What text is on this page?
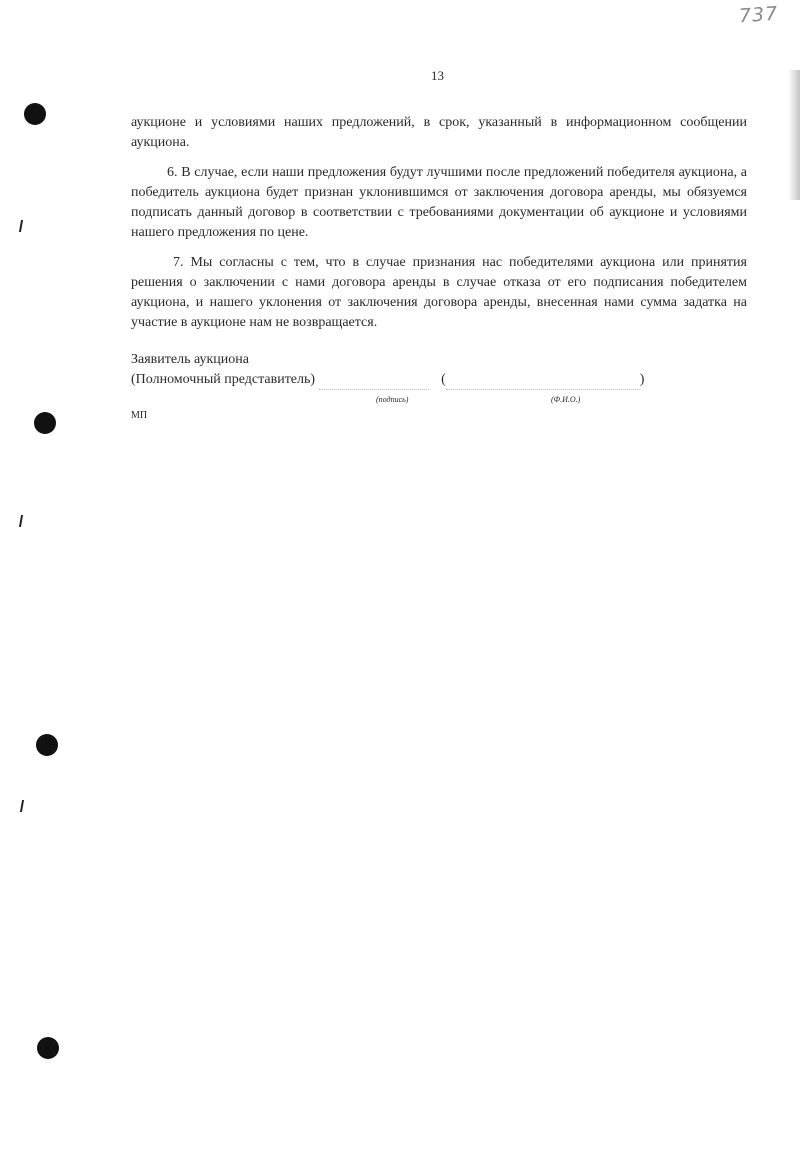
737
13

аукционе и условиями наших предложений, в срок, указанный в информационном сообщении аукциона.

6. В случае, если наши предложения будут лучшими после предложений победителя аукциона, а победитель аукциона будет признан уклонившимся от заключения договора аренды, мы обязуемся подписать данный договор в соответствии с требованиями документации об аукционе и условиями нашего предложения по цене.

7. Мы согласны с тем, что в случае признания нас победителями аукциона или принятия решения о заключении с нами договора аренды в случае отказа от его подписания победителем аукциона, и нашего уклонения от заключения договора аренды, внесенная нами сумма задатка на участие в аукционе нам не возвращается.

Заявитель аукциона
(Полномочный представитель)	(	)
(подпись)	(Ф.И.О.)
МП
